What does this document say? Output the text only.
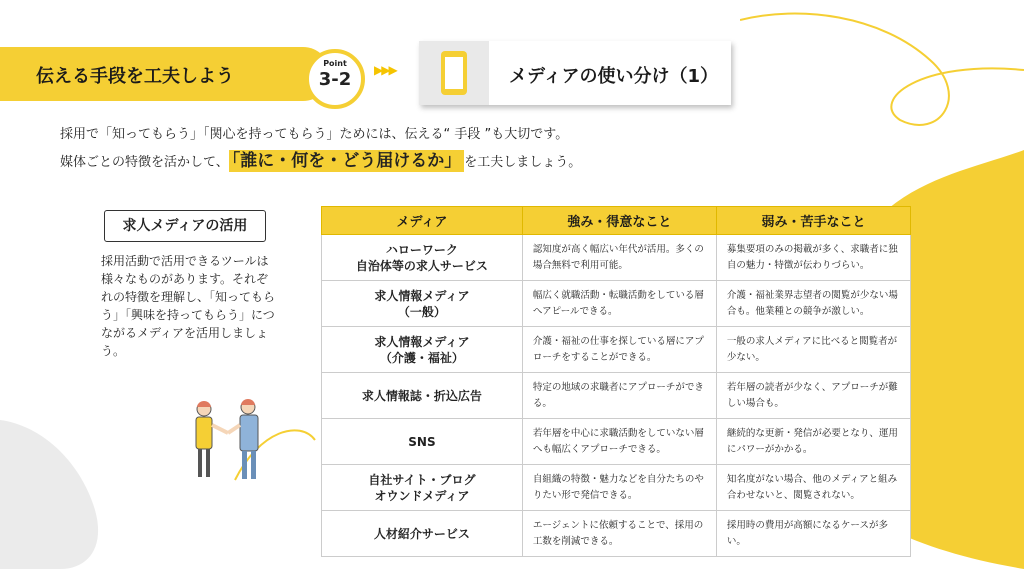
伝える手段を工夫しよう
Point
3-2	▶▶▶	メディアの使い分け（1）
採用で「知ってもらう」「関心を持ってもらう」ためには、伝える“ 手段 ”も大切です。
媒体ごとの特徴を活かして、 「誰に・何を・どう届けるか」 を工夫しましょう。
求人メディアの活用
採用活動で活用できるツールは様々なものがあります。それぞれの特徴を理解し、「知ってもらう」「興味を持ってもらう」につながるメディアを活用しましょう。
メディア	強み・得意なこと	弱み・苦手なこと

ハローワーク
自治体等の求人サービス	認知度が高く幅広い年代が活用。多くの場合無料で利用可能。	募集要項のみの掲載が多く、求職者に独自の魅力・特徴が伝わりづらい。

求人情報メディア
（一般）	幅広く就職活動・転職活動をしている層へアピールできる。	介護・福祉業界志望者の閲覧が少ない場合も。他業種との競争が激しい。

求人情報メディア
（介護・福祉）	介護・福祉の仕事を探している層にアプローチをすることができる。	一般の求人メディアに比べると閲覧者が少ない。

求人情報誌・折込広告	特定の地域の求職者にアプローチができる。	若年層の読者が少なく、アプローチが難しい場合も。

SNS	若年層を中心に求職活動をしていない層へも幅広くアプローチできる。	継続的な更新・発信が必要となり、運用にパワーがかかる。

自社サイト・ブログ
オウンドメディア	自組織の特徴・魅力などを自分たちのやりたい形で発信できる。	知名度がない場合、他のメディアと組み合わせないと、閲覧されない。

人材紹介サービス	エージェントに依頼することで、採用の工数を削減できる。	採用時の費用が高額になるケースが多い。
